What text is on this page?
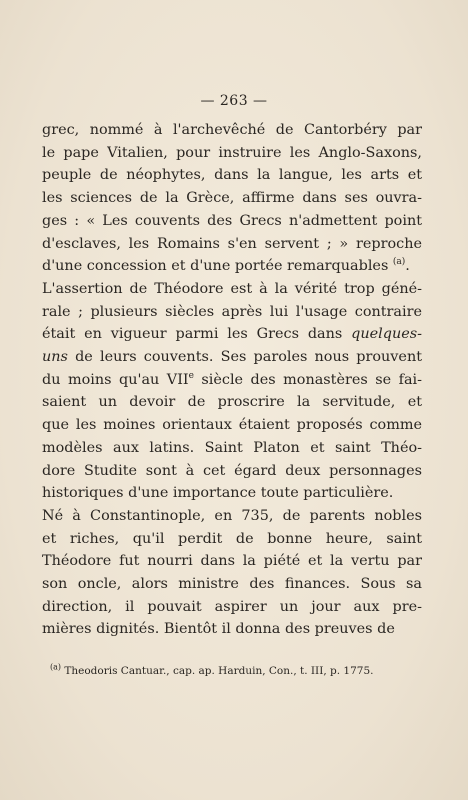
— 263 —
grec, nommé à l'archevêché de Cantorbéry par
le pape Vitalien, pour instruire les Anglo-Saxons,
peuple de néophytes, dans la langue, les arts et
les sciences de la Grèce, affirme dans ses ouvra-
ges : « Les couvents des Grecs n'admettent point
d'esclaves, les Romains s'en servent ; » reproche
d'une concession et d'une portée remarquables $^{(a)}$.
L'assertion de Théodore est à la vérité trop géné-
rale ; plusieurs siècles après lui l'usage contraire
était en vigueur parmi les Grecs dans quelques-
uns de leurs couvents. Ses paroles nous prouvent
du moins qu'au VIIe siècle des monastères se fai-
saient un devoir de proscrire la servitude, et
que les moines orientaux étaient proposés comme
modèles aux latins. Saint Platon et saint Théo-
dore Studite sont à cet égard deux personnages
historiques d'une importance toute particulière.
Né à Constantinople, en 735, de parents nobles
et riches, qu'il perdit de bonne heure, saint
Théodore fut nourri dans la piété et la vertu par
son oncle, alors ministre des finances. Sous sa
direction, il pouvait aspirer un jour aux pre-
mières dignités. Bientôt il donna des preuves de
$^{(a)}$ Theodoris Cantuar., cap. ap. Harduin, Con., t. III, p. 1775.
